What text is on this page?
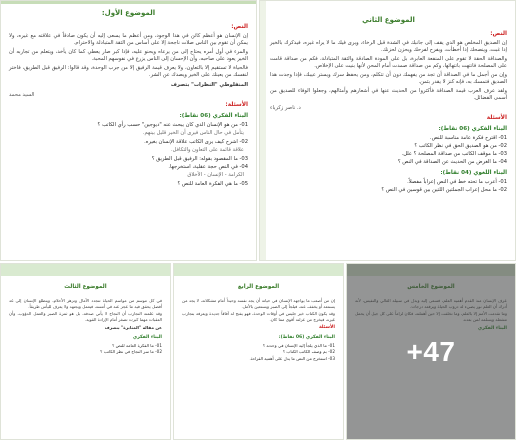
الموضوع الأول:
النص:

إن الإنسان هو أعظم كائن في هذا الوجود، ومن أعظم ما يسعى إليه أن يكون صادقاً في علاقته مع غيره، ولا يمكن أن تقوم بين الناس صلات ناجحة إلا على أساس من الثقة المتبادلة والاحترام.

والمرء في أول أمره يحتاج إلى من يرعاه ويحنو عليه، فإذا كبر صار يعطي كما كان يأخذ، ويتعلم من تجاربه أن الخير يعود على صاحبه، وأن الإحسان إلى الناس يزرع في نفوسهم المحبة.

فالحياة لا تستقيم إلا بالتعاون، ولا يعرف قيمة الرفيق إلا من جرب الوحدة، وقد قالوا: الرفيق قبل الطريق، فاختر لنفسك من يعينك على الخير ويصدك عن الشر.

المنفلوطي "النظرات" بتصرف
السيد محمد
الأسئلة:
البناء الفكري (06 نقاط):
01- من هو الإنسان الذي كان يبحث عنه "ديوجين" حسب رأي الكاتب ؟
يتأمل في حال الناس فيرى أن الخير قليل بينهم.
02- اشرح كيف يرى الكاتب علاقة الإنسان بغيره.
علاقة قائمة على التعاون والتكافل.
03- ما المقصود بقوله: الرفيق قبل الطريق ؟
04- في النص حجة عقلية، استخرجها.
الكرامة - الإنسان - الأخلاق
05- ما هي الفكرة العامة للنص ؟
الموضوع الثاني
النص:

إن الصديق المخلص هو الذي يقف إلى جانبك في الشدة قبل الرخاء، ويرى فيك ما لا يراه غيره، فيذكرك بالخير إذا غبت، وينصحك إذا أخطأت، ويفرح لفرحك ويحزن لحزنك.

والصداقة الحقة لا تقوم على المنفعة العابرة، بل على المودة الصادقة والثقة المتبادلة، فكم من صداقة قامت على المصلحة فانتهت بانتهائها، وكم من صداقة صمدت أمام المحن لأنها بنيت على الإخلاص.

وإن من أجمل ما في الصداقة أن تجد من يفهمك دون أن تتكلم، ومن يحفظ سرك ويستر عيبك، فإذا وجدت هذا الصديق فتمسك به، فإنه كنز لا يقدر بثمن.

ولقد عرف العرب قيمة الصداقة فأكثروا من الحديث عنها في أشعارهم وأمثالهم، وجعلوا الوفاء للصديق من أسمى الفضائل.

د. ناصر زكرياء
الأسئلة
البناء الفكري (06 نقاط):
01- اقترح فكرة عامة مناسبة للنص.
02- من هو الصديق الحق في نظر الكاتب ؟
03- ما موقف الكاتب من صداقة المصلحة ؟ علل.
04- ما الغرض من الحديث عن الصداقة في النص ؟
البناء اللغوي (04 نقاط):
01- أعرب ما تحته خط في النص إعراباً مفصلاً.
02- ما محل إعراب الجملتين اللتين بين قوسين في النص ؟
الموضوع الثالث

في كل موسم من مواسم الحياة تتجدد الآمال وتزهر الأحلام، ويتطلع الإنسان إلى غد أفضل يحقق فيه ما عجز عنه في أمسه، فيعمل ويجتهد ولا يعرف لليأس طريقاً.

وقد علمته التجارب أن النجاح لا يأتي صدفة، بل هو ثمرة الصبر والعمل الدؤوب، وأن العقبات مهما كبرت تصغر أمام الإرادة القوية.

عن مقالة "المثابرة" بتصرف
البناء الفكري
01- ما الفكرة العامة للنص ؟
02- ما سر النجاح في نظر الكاتب ؟
الموضوع الرابع

إن من أصعب ما يواجهه الإنسان في حياته أن يجد نفسه وحيداً أمام مشكلاته، لا يجد من يسمعه أو يخفف عنه، فيلجأ إلى الصبر ويستعين بالأمل.

وقد يكون الكتاب خير جليس في أوقات الوحدة، فهو يفتح له آفاقاً جديدة ويعرفه بتجارب غيره، فيخرج من عزلته أقوى مما كان.

الأسئلة
البناء الفكري (06 نقاط):
01- ما الذي يلجأ إليه الإنسان في وحدته ؟
02- بم وصف الكاتب الكتاب ؟
03- استخرج من النص ما يدل على أهمية القراءة.	+47
